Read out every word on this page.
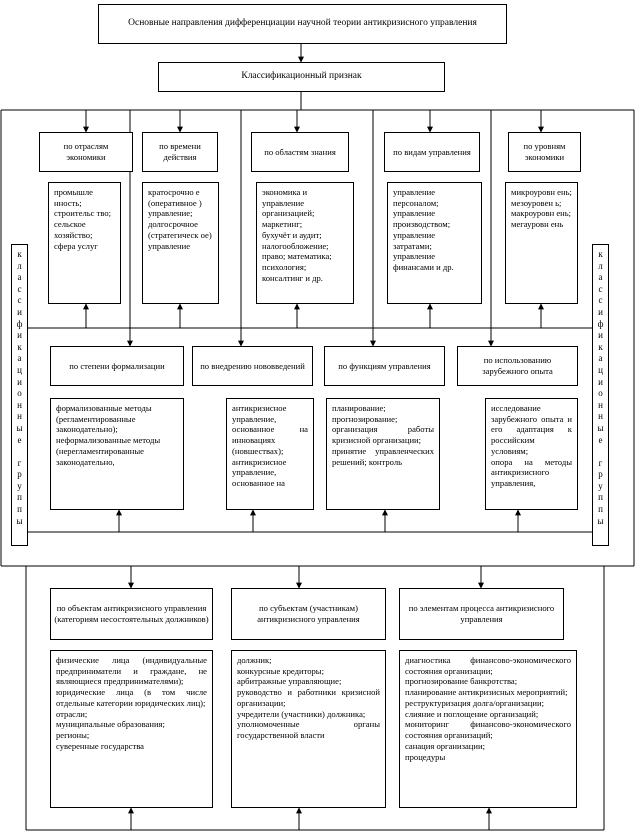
Основные направления дифференциации научной теории антикризисного управления
Классификационный признак
к
л
а
с
с
и
ф
и
к
а
ц
и
о
н
н
ы
е

г
р
у
п
п
ы
к
л
а
с
с
и
ф
и
к
а
ц
и
о
н
н
ы
е

г
р
у
п
п
ы
по отраслям экономики
по времени действия
по областям знания	по видам управления
по уровням экономики
промышле нность;
строительс тво;
сельское хозяйство;
сфера услуг
кратосрочно е (оперативное ) управление;
долгосрочное (стратегическ ое) управление
экономика и управление организацией;
маркетинг;
бухучёт и аудит;
налогообложение;
право; математика;
психология;
консалтинг и др.
управление персоналом;
управление производством;
управление затратами;
управление финансами и др.
микроуровн ень;
мезоуровен ь;
макроуровн ень;
мегауровн ень
по степени формализации	по внедрению нововведений	по функциям управления
по использованию зарубежного опыта
формализованные методы (регламентированные законодательно);
неформализованные методы (нерегламентированные законодательно,
антикризисное управление, основанное на инновациях (новшествах);
антикризисное управление, основанное на
планирование;
прогнозирование;
организация работы кризисной организации;
принятие управленческих решений; контроль
исследование зарубежного опыта и его адаптация к российским условиям;
опора на методы антикризисного управления,
по объектам антикризисного управления (категориям несостоятельных должников)
по субъектам (участникам) антикризисного управления
по элементам процесса антикризисного управления
физические лица (индивидуальные предприниматели и граждане, не являющиеся предпринимателями);
юридические лица (в том числе отдельные категории юридических лиц);
отрасли;
муниципальные образования;
регионы;
суверенные государства
должник;
конкурсные кредиторы;
арбитражные управляющие;
руководство и работники кризисной организации;
учредители (участники) должника;
уполномоченные органы государственной власти
диагностика финансово-экономического состояния организации;
прогнозирование банкротства;
планирование антикризисных мероприятий;
реструктуризация долга/организации;
слияние и поглощение организаций;
мониторинг финансово-экономического состояния организаций;
санация организации;
процедуры
